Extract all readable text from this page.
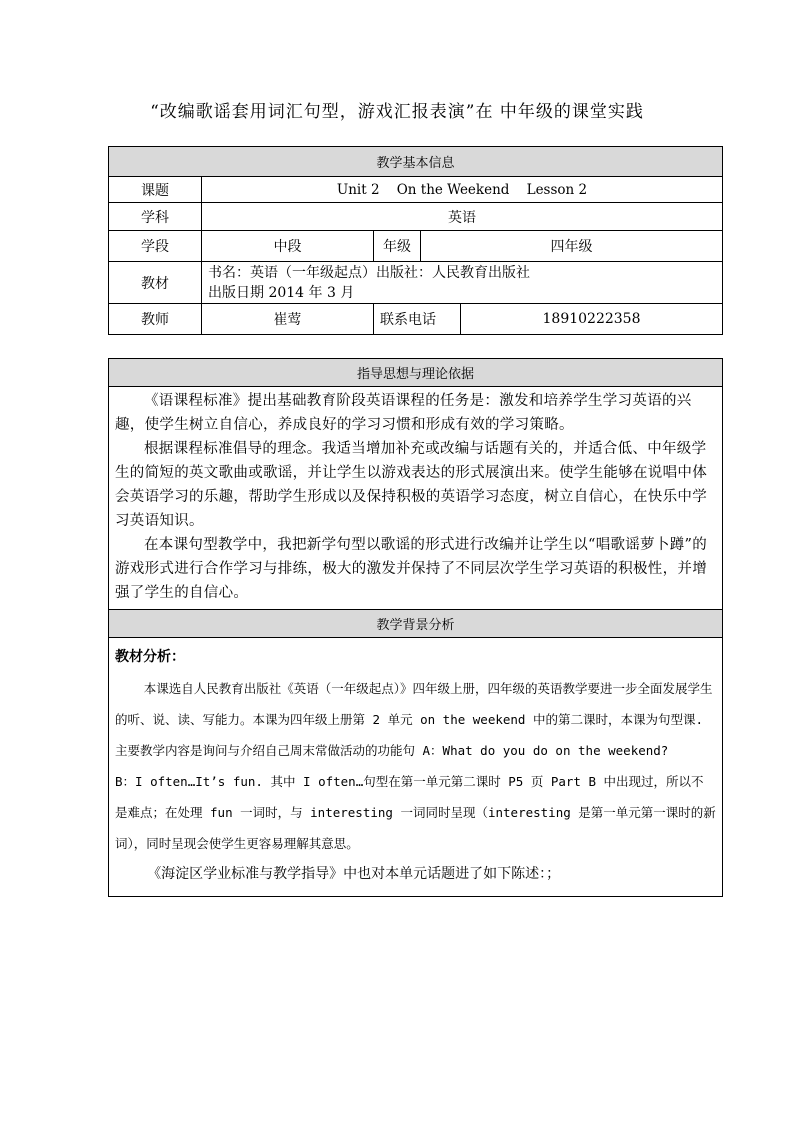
“改编歌谣套用词汇句型，游戏汇报表演”在 中年级的课堂实践
教学基本信息				
课题	Unit 2    On the Weekend    Lesson 2			
学科	英语			
学段	中段	年级	四年级	
教材	书名：英语（一年级起点）出版社：人民教育出版社
出版日期 2014 年 3 月			

教师	崔莺	联系电话		18910222358
指导思想与理论依据

《语课程标准》提出基础教育阶段英语课程的任务是：激发和培养学生学习英语的兴趣，使学生树立自信心，养成良好的学习习惯和形成有效的学习策略。

根据课程标准倡导的理念。我适当增加补充或改编与话题有关的，并适合低、中年级学生的简短的英文歌曲或歌谣，并让学生以游戏表达的形式展演出来。使学生能够在说唱中体会英语学习的乐趣，帮助学生形成以及保持积极的英语学习态度，树立自信心，在快乐中学习英语知识。

在本课句型教学中，我把新学句型以歌谣的形式进行改编并让学生以“唱歌谣萝卜蹲”的游戏形式进行合作学习与排练，极大的激发并保持了不同层次学生学习英语的积极性，并增强了学生的自信心。

教学背景分析

教材分析：

本课选自人民教育出版社《英语（一年级起点）》四年级上册，四年级的英语教学要进一步全面发展学生的听、说、读、写能力。本课为四年级上册第 2 单元 on the weekend 中的第二课时，本课为句型课. 主要教学内容是询问与介绍自己周末常做活动的功能句 A：What do you do on the weekend?

B：I often…It’s fun. 其中 I often…句型在第一单元第二课时 P5 页 Part B 中出现过，所以不是难点；在处理 fun 一词时，与 interesting 一词同时呈现（interesting 是第一单元第一课时的新词），同时呈现会使学生更容易理解其意思。

《海淀区学业标准与教学指导》中也对本单元话题进了如下陈述：；
